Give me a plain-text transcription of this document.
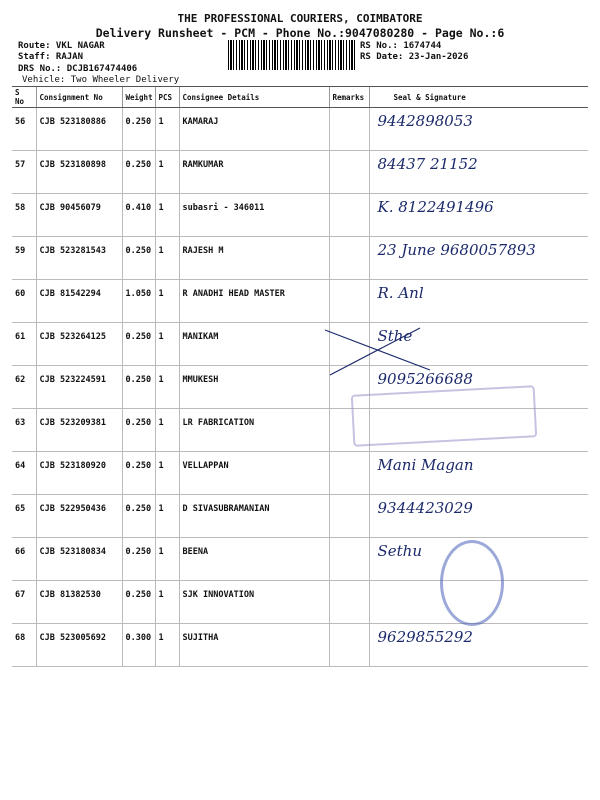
THE PROFESSIONAL COURIERS, COIMBATORE
Delivery Runsheet - PCM - Phone No.:9047080280 - Page No.:6
Route: VKL NAGAR
Staff: RAJAN
DRS No.: DCJB167474406
Vehicle: Two Wheeler Delivery
RS No.: 1674744
RS Date: 23-Jan-2026
S No	Consignment No	Weight	PCS	Consignee Details	Remarks	Seal & Signature
56	CJB 523180886	0.250	1	KAMARAJ		9442898053

57	CJB 523180898	0.250	1	RAMKUMAR		84437 21152

58	CJB 90456079	0.410	1	subasri - 346011		K. 8122491496

59	CJB 523281543	0.250	1	RAJESH M		23 June 9680057893

60	CJB 81542294	1.050	1	R ANADHI HEAD MASTER		R. Anl

61	CJB 523264125	0.250	1	MANIKAM		Sthe

62	CJB 523224591	0.250	1	MMUKESH		9095266688

63	CJB 523209381	0.250	1	LR FABRICATION		

64	CJB 523180920	0.250	1	VELLAPPAN		Mani Magan

65	CJB 522950436	0.250	1	D SIVASUBRAMANIAN		9344423029

66	CJB 523180834	0.250	1	BEENA		Sethu

67	CJB 81382530	0.250	1	SJK INNOVATION		

68	CJB 523005692	0.300	1	SUJITHA		9629855292
